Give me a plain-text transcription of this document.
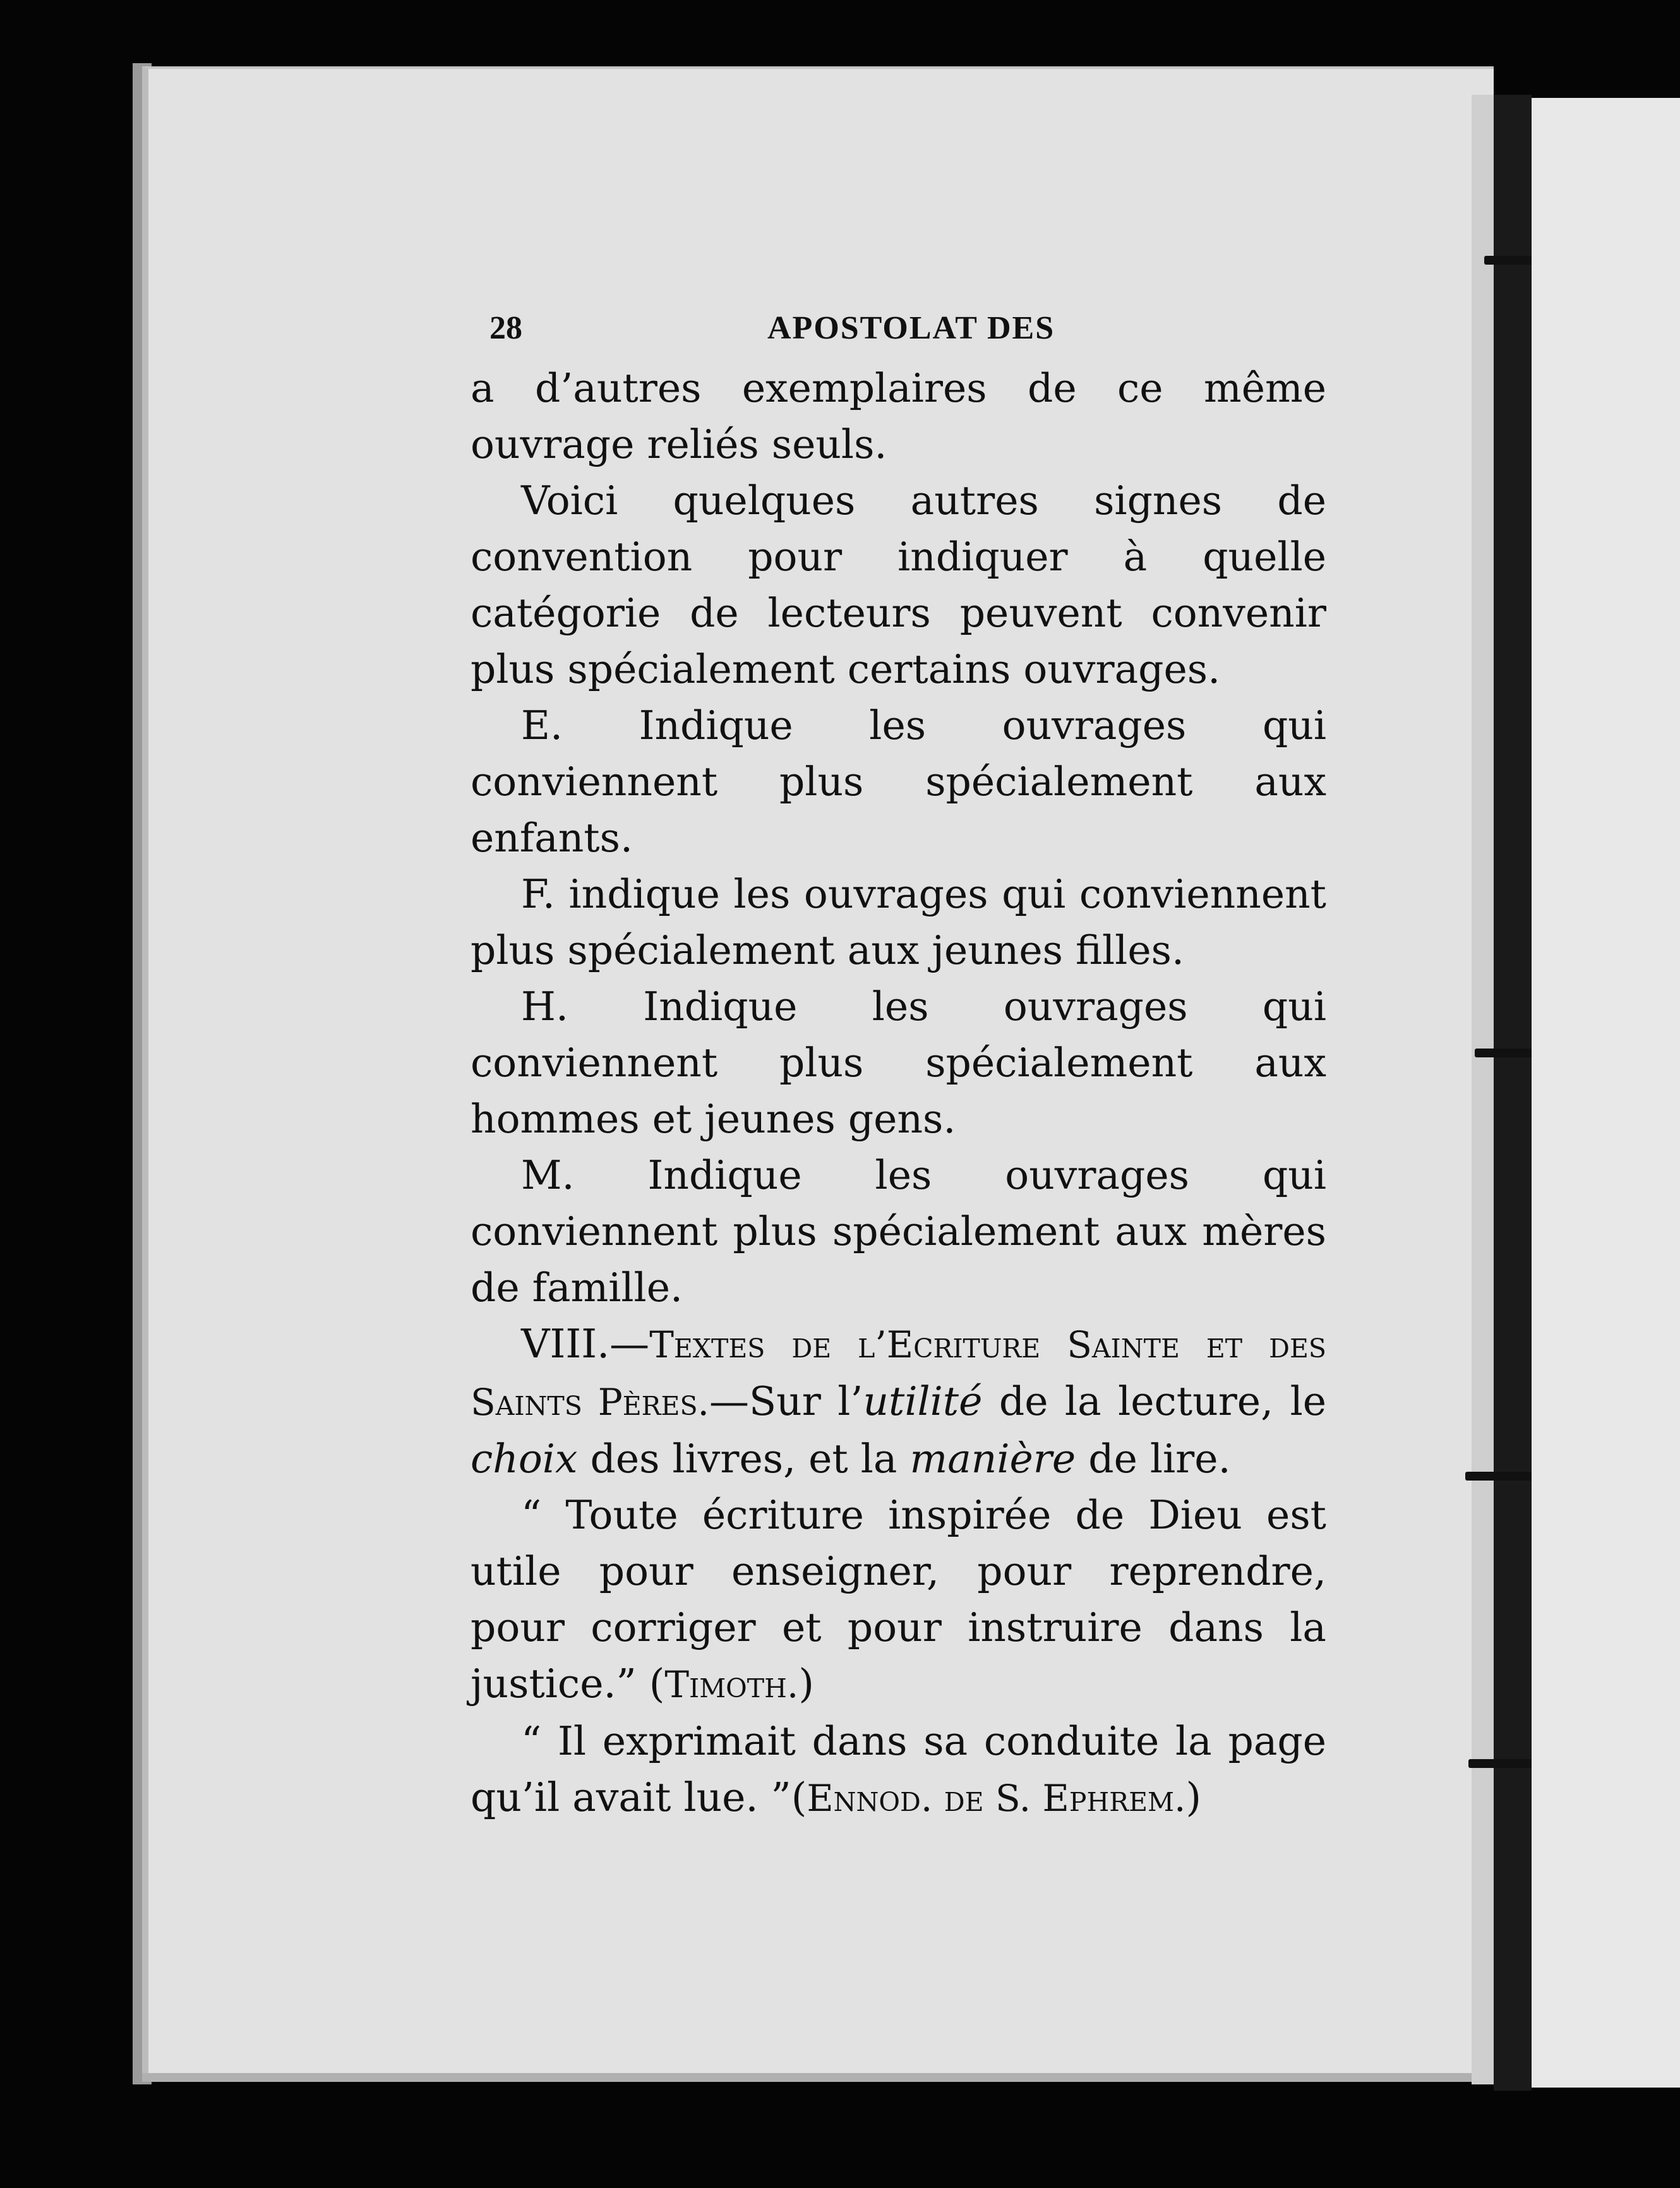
28	APOSTOLAT DES

a d’autres exemplaires de ce même ouvrage reliés seuls.

Voici quelques autres signes de convention pour indiquer à quelle catégorie de lecteurs peuvent convenir plus spécialement certains ouvrages.

E. Indique les ouvrages qui conviennent plus spécialement aux enfants.

F. indique les ouvrages qui conviennent plus spécialement aux jeunes filles.

H. Indique les ouvrages qui conviennent plus spécialement aux hommes et jeunes gens.

M. Indique les ouvrages qui conviennent plus spécialement aux mères de famille.

VIII.—Textes de l’Ecriture Sainte et des Saints Pères.—Sur l’utilité de la lecture, le choix des livres, et la manière de lire.

“ Toute écriture inspirée de Dieu est utile pour enseigner, pour reprendre, pour corriger et pour instruire dans la justice.” (Timoth.)

“ Il exprimait dans sa conduite la page qu’il avait lue. ”(Ennod. de S. Ephrem.)
